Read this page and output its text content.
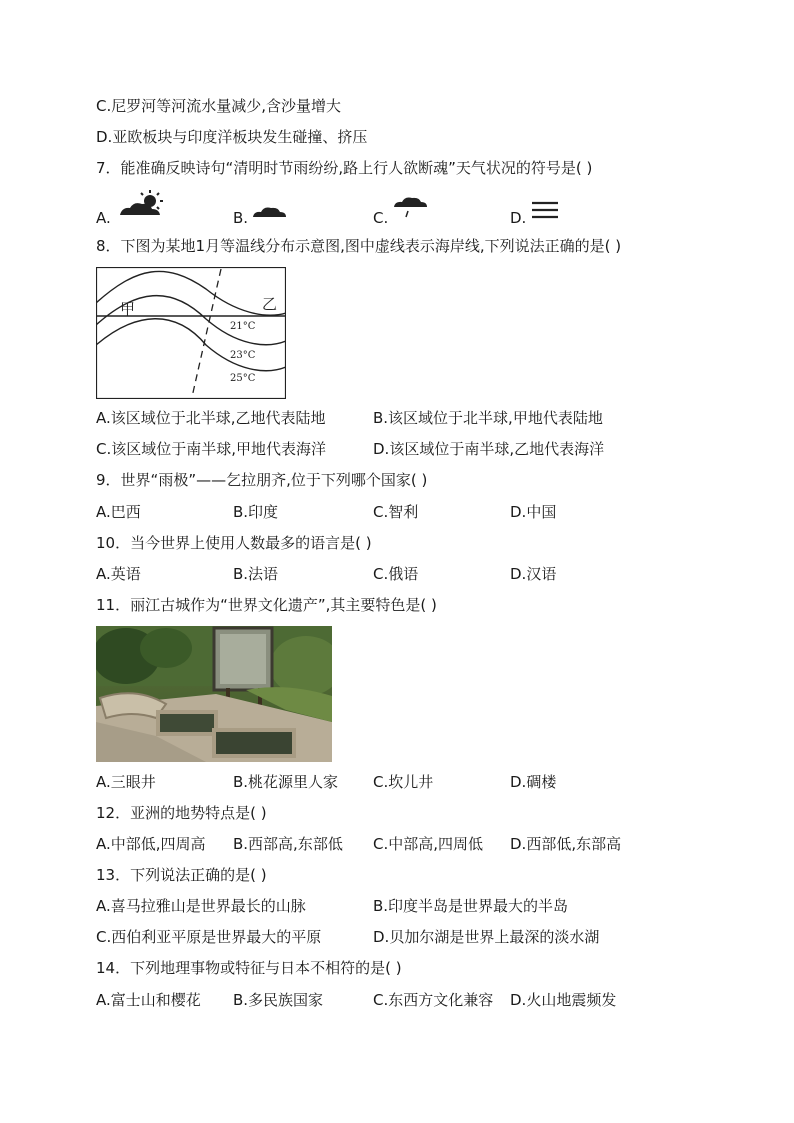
C.尼罗河等河流水量减少,含沙量增大
D.亚欧板块与印度洋板块发生碰撞、挤压
7．能准确反映诗句“清明时节雨纷纷,路上行人欲断魂”天气状况的符号是( )
A.	B.	C.	D.
8．下图为某地1月等温线分布示意图,图中虚线表示海岸线,下列说法正确的是( )
甲	乙
21°C
23°C
25°C
A.该区域位于北半球,乙地代表陆地	B.该区域位于北半球,甲地代表陆地
C.该区域位于南半球,甲地代表海洋	D.该区域位于南半球,乙地代表海洋
9．世界“雨极”——乞拉朋齐,位于下列哪个国家( )
A.巴西	B.印度	C.智利	D.中国
10．当今世界上使用人数最多的语言是( )
A.英语	B.法语	C.俄语	D.汉语
11．丽江古城作为“世界文化遗产”,其主要特色是( )
A.三眼井	B.桃花源里人家 C.坎儿井	D.碉楼
12．亚洲的地势特点是( )
A.中部低,四周高 B.西部高,东部低 C.中部高,四周低 D.西部低,东部高
13．下列说法正确的是( )
A.喜马拉雅山是世界最长的山脉	B.印度半岛是世界最大的半岛
C.西伯利亚平原是世界最大的平原	D.贝加尔湖是世界上最深的淡水湖
14．下列地理事物或特征与日本不相符的是( )
A.富士山和樱花 B.多民族国家	C.东西方文化兼容 D.火山地震频发
